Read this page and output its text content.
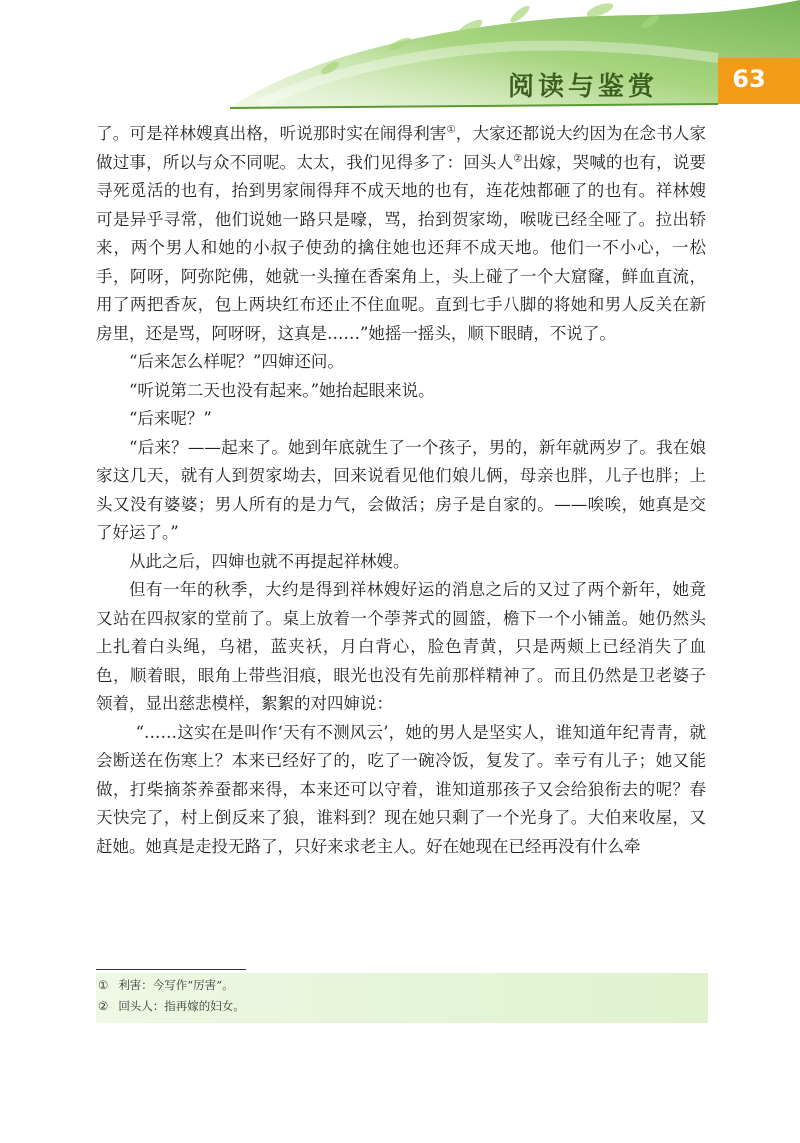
阅读与鉴赏	63

了。可是祥林嫂真出格，听说那时实在闹得利害①，大家还都说大约因为在念书人家做过事，所以与众不同呢。太太，我们见得多了：回头人②出嫁，哭喊的也有，说要寻死觅活的也有，抬到男家闹得拜不成天地的也有，连花烛都砸了的也有。祥林嫂可是异乎寻常，他们说她一路只是嚎，骂，抬到贺家坳，喉咙已经全哑了。拉出轿来，两个男人和她的小叔子使劲的擒住她也还拜不成天地。他们一不小心，一松手，阿呀，阿弥陀佛，她就一头撞在香案角上，头上碰了一个大窟窿，鲜血直流，用了两把香灰，包上两块红布还止不住血呢。直到七手八脚的将她和男人反关在新房里，还是骂，阿呀呀，这真是……”她摇一摇头，顺下眼睛，不说了。

“后来怎么样呢？”四婶还问。

“听说第二天也没有起来。”她抬起眼来说。

“后来呢？”

“后来？——起来了。她到年底就生了一个孩子，男的，新年就两岁了。我在娘家这几天，就有人到贺家坳去，回来说看见他们娘儿俩，母亲也胖，儿子也胖；上头又没有婆婆；男人所有的是力气，会做活；房子是自家的。——唉唉，她真是交了好运了。”

从此之后，四婶也就不再提起祥林嫂。

但有一年的秋季，大约是得到祥林嫂好运的消息之后的又过了两个新年，她竟又站在四叔家的堂前了。桌上放着一个荸荠式的圆篮，檐下一个小铺盖。她仍然头上扎着白头绳，乌裙，蓝夹袄，月白背心，脸色青黄，只是两颊上已经消失了血色，顺着眼，眼角上带些泪痕，眼光也没有先前那样精神了。而且仍然是卫老婆子领着，显出慈悲模样，絮絮的对四婶说：

“……这实在是叫作‘天有不测风云’，她的男人是坚实人，谁知道年纪青青，就会断送在伤寒上？本来已经好了的，吃了一碗冷饭，复发了。幸亏有儿子；她又能做，打柴摘茶养蚕都来得，本来还可以守着，谁知道那孩子又会给狼衔去的呢？春天快完了，村上倒反来了狼，谁料到？现在她只剩了一个光身了。大伯来收屋，又赶她。她真是走投无路了，只好来求老主人。好在她现在已经再没有什么牵

① 利害：今写作“厉害”。
② 回头人：指再嫁的妇女。
